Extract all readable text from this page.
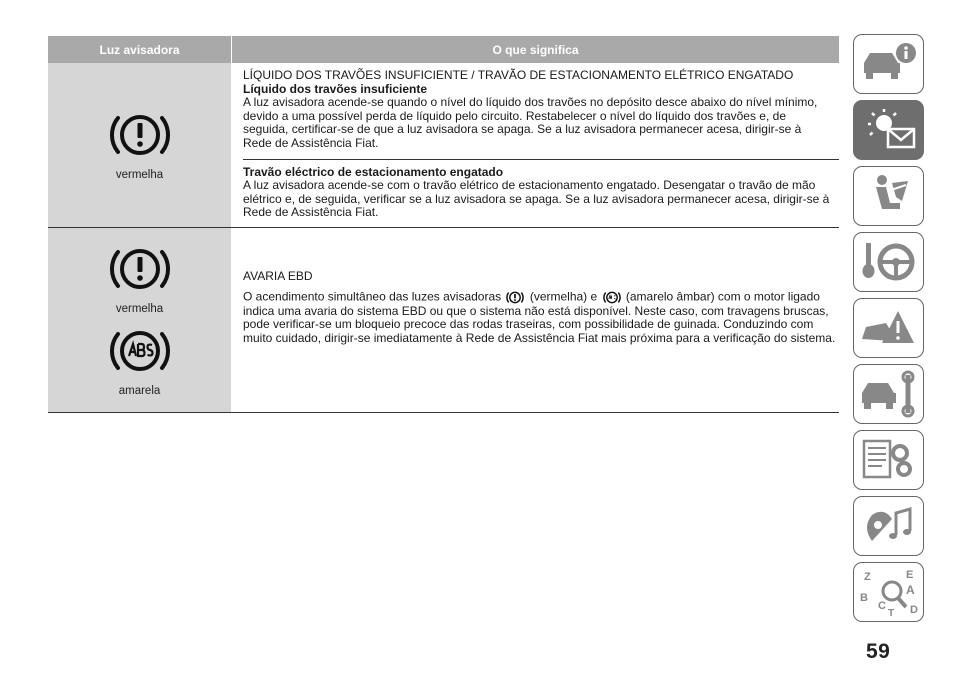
Luz avisadora	O que significa
vermelha
LÍQUIDO DOS TRAVÕES INSUFICIENTE / TRAVÃO DE ESTACIONAMENTO ELÉTRICO ENGATADO
Líquido dos travões insuficiente
A luz avisadora acende-se quando o nível do líquido dos travões no depósito desce abaixo do nível mínimo, devido a uma possível perda de líquido pelo circuito. Restabelecer o nível do líquido dos travões e, de seguida, certificar-se de que a luz avisadora se apaga. Se a luz avisadora permanecer acesa, dirigir-se à Rede de Assistência Fiat.
Travão eléctrico de estacionamento engatado
A luz avisadora acende-se com o travão elétrico de estacionamento engatado. Desengatar o travão de mão elétrico e, de seguida, verificar se a luz avisadora se apaga. Se a luz avisadora permanecer acesa, dirigir-se à Rede de Assistência Fiat.
vermelha
amarela

AVARIA EBD

O acendimento simultâneo das luzes avisadoras (vermelha) e (amarelo âmbar) com o motor ligado indica uma avaria do sistema EBD ou que o sistema não está disponível. Neste caso, com travagens bruscas, pode verificar-se um bloqueio precoce das rodas traseiras, com possibilidade de guinada. Conduzindo com muito cuidado, dirigir-se imediatamente à Rede de Assistência Fiat mais próxima para a verificação do sistema.

Z	E
A
B
C D
T
59
